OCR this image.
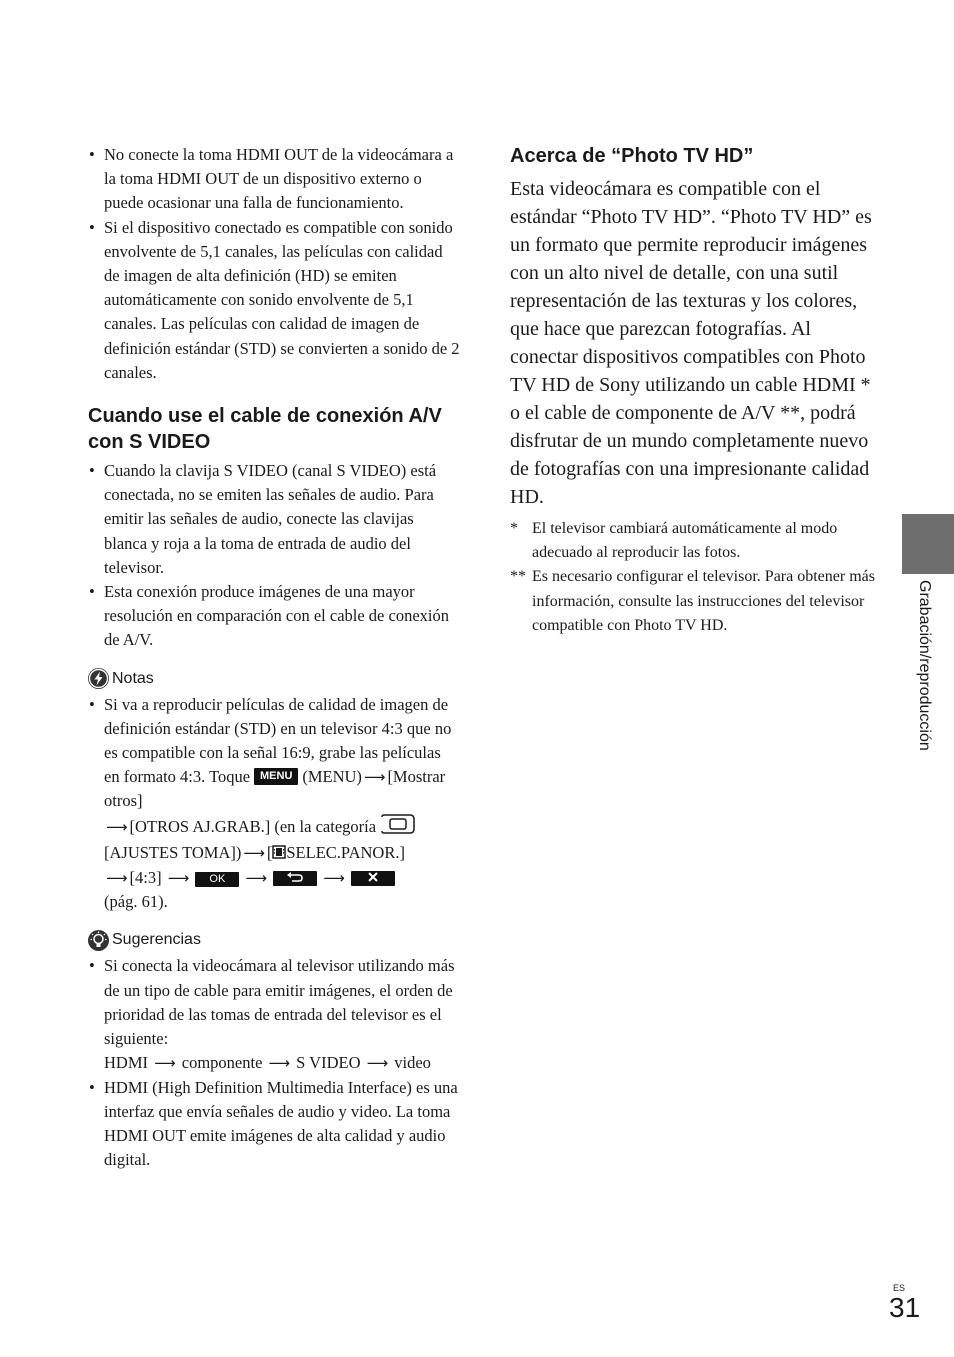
• No conecte la toma HDMI OUT de la videocámara a la toma HDMI OUT de un dispositivo externo o puede ocasionar una falla de funcionamiento.
• Si el dispositivo conectado es compatible con sonido envolvente de 5,1 canales, las películas con calidad de imagen de alta definición (HD) se emiten automáticamente con sonido envolvente de 5,1 canales. Las películas con calidad de imagen de definición estándar (STD) se convierten a sonido de 2 canales.
Cuando use el cable de conexión A/V con S VIDEO
• Cuando la clavija S VIDEO (canal S VIDEO) está conectada, no se emiten las señales de audio. Para emitir las señales de audio, conecte las clavijas blanca y roja a la toma de entrada de audio del televisor.
• Esta conexión produce imágenes de una mayor resolución en comparación con el cable de conexión de A/V.
Notas
• Si va a reproducir películas de calidad de imagen de definición estándar (STD) en un televisor 4:3 que no es compatible con la señal 16:9, grabe las películas en formato 4:3. Toque MENU (MENU) ⟶ [Mostrar otros]
⟶ [OTROS AJ.GRAB.] (en la categoría
[AJUSTES TOMA]) ⟶ [ SELEC.PANOR.]
⟶ [4:3] ⟶ OK ⟶	⟶
(pág. 61).
Sugerencias
• Si conecta la videocámara al televisor utilizando más de un tipo de cable para emitir imágenes, el orden de prioridad de las tomas de entrada del televisor es el siguiente:
HDMI ⟶ componente ⟶ S VIDEO ⟶ video
• HDMI (High Definition Multimedia Interface) es una interfaz que envía señales de audio y video. La toma HDMI OUT emite imágenes de alta calidad y audio digital.
Acerca de “Photo TV HD”

Esta videocámara es compatible con el estándar “Photo TV HD”. “Photo TV HD” es un formato que permite reproducir imágenes con un alto nivel de detalle, con una sutil representación de las texturas y los colores, que hace que parezcan fotografías. Al conectar dispositivos compatibles con Photo TV HD de Sony utilizando un cable HDMI * o el cable de componente de A/V **, podrá disfrutar de un mundo completamente nuevo de fotografías con una impresionante calidad HD.

* El televisor cambiará automáticamente al modo adecuado al reproducir las fotos.
** Es necesario configurar el televisor. Para obtener más información, consulte las instrucciones del televisor compatible con Photo TV HD.	Grabación/reproducción
ES
31
